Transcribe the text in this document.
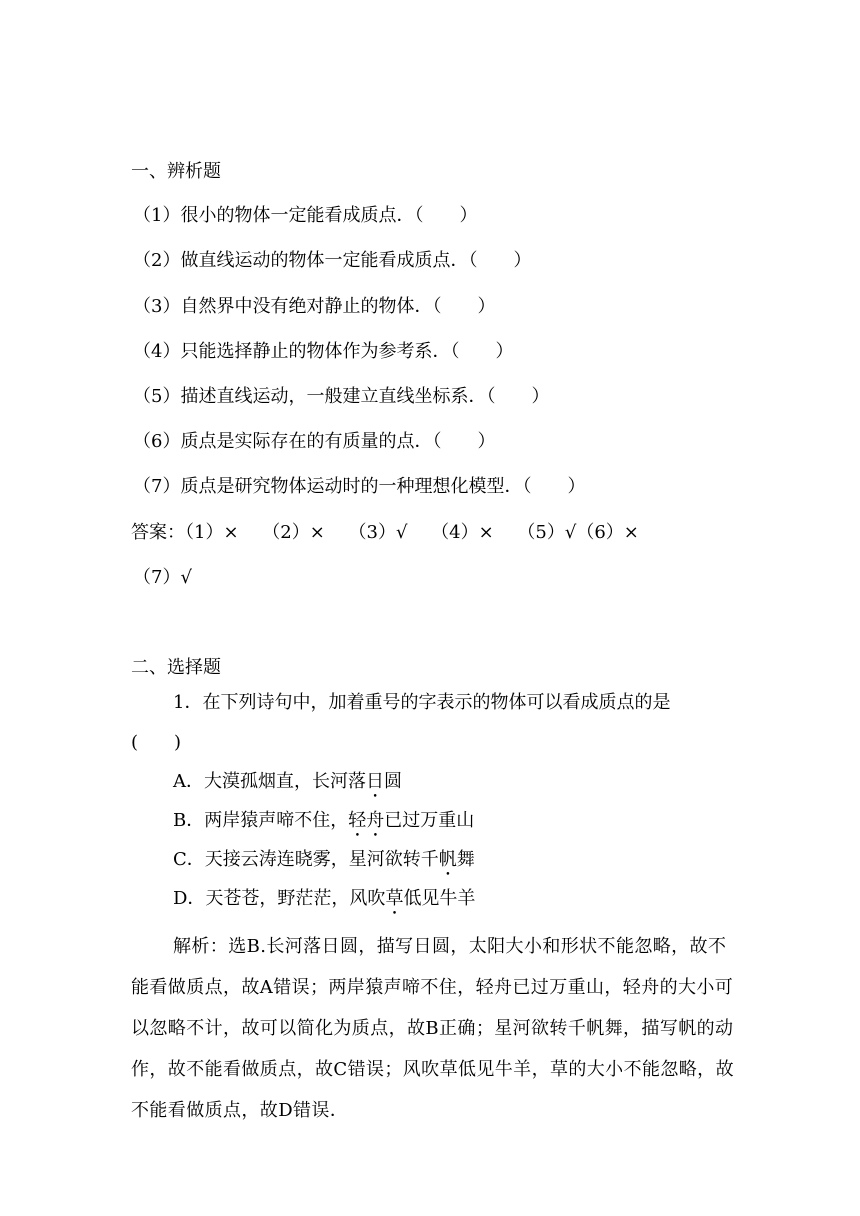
一、辨析题
（1）很小的物体一定能看成质点．（　　）
（2）做直线运动的物体一定能看成质点．（　　）
（3）自然界中没有绝对静止的物体．（　　）
（4）只能选择静止的物体作为参考系．（　　）
（5）描述直线运动，一般建立直线坐标系．（　　）
（6）质点是实际存在的有质量的点．（　　）
（7）质点是研究物体运动时的一种理想化模型．（　　）
答案：（1）×　 （2）×　 （3）√　 （4）×　 （5）√（6）×
（7）√
二、选择题
1．在下列诗句中，加着重号的字表示的物体可以看成质点的是
(　　)
A．大漠孤烟直，长河落日圆
B．两岸猿声啼不住，轻舟已过万重山
C．天接云涛连晓雾，星河欲转千帆舞
D．天苍苍，野茫茫，风吹草低见牛羊
解析：选B.长河落日圆，描写日圆，太阳大小和形状不能忽略，故不能看做质点，故A错误；两岸猿声啼不住，轻舟已过万重山，轻舟的大小可以忽略不计，故可以简化为质点，故B正确；星河欲转千帆舞，描写帆的动作，故不能看做质点，故C错误；风吹草低见牛羊，草的大小不能忽略，故不能看做质点，故D错误．
